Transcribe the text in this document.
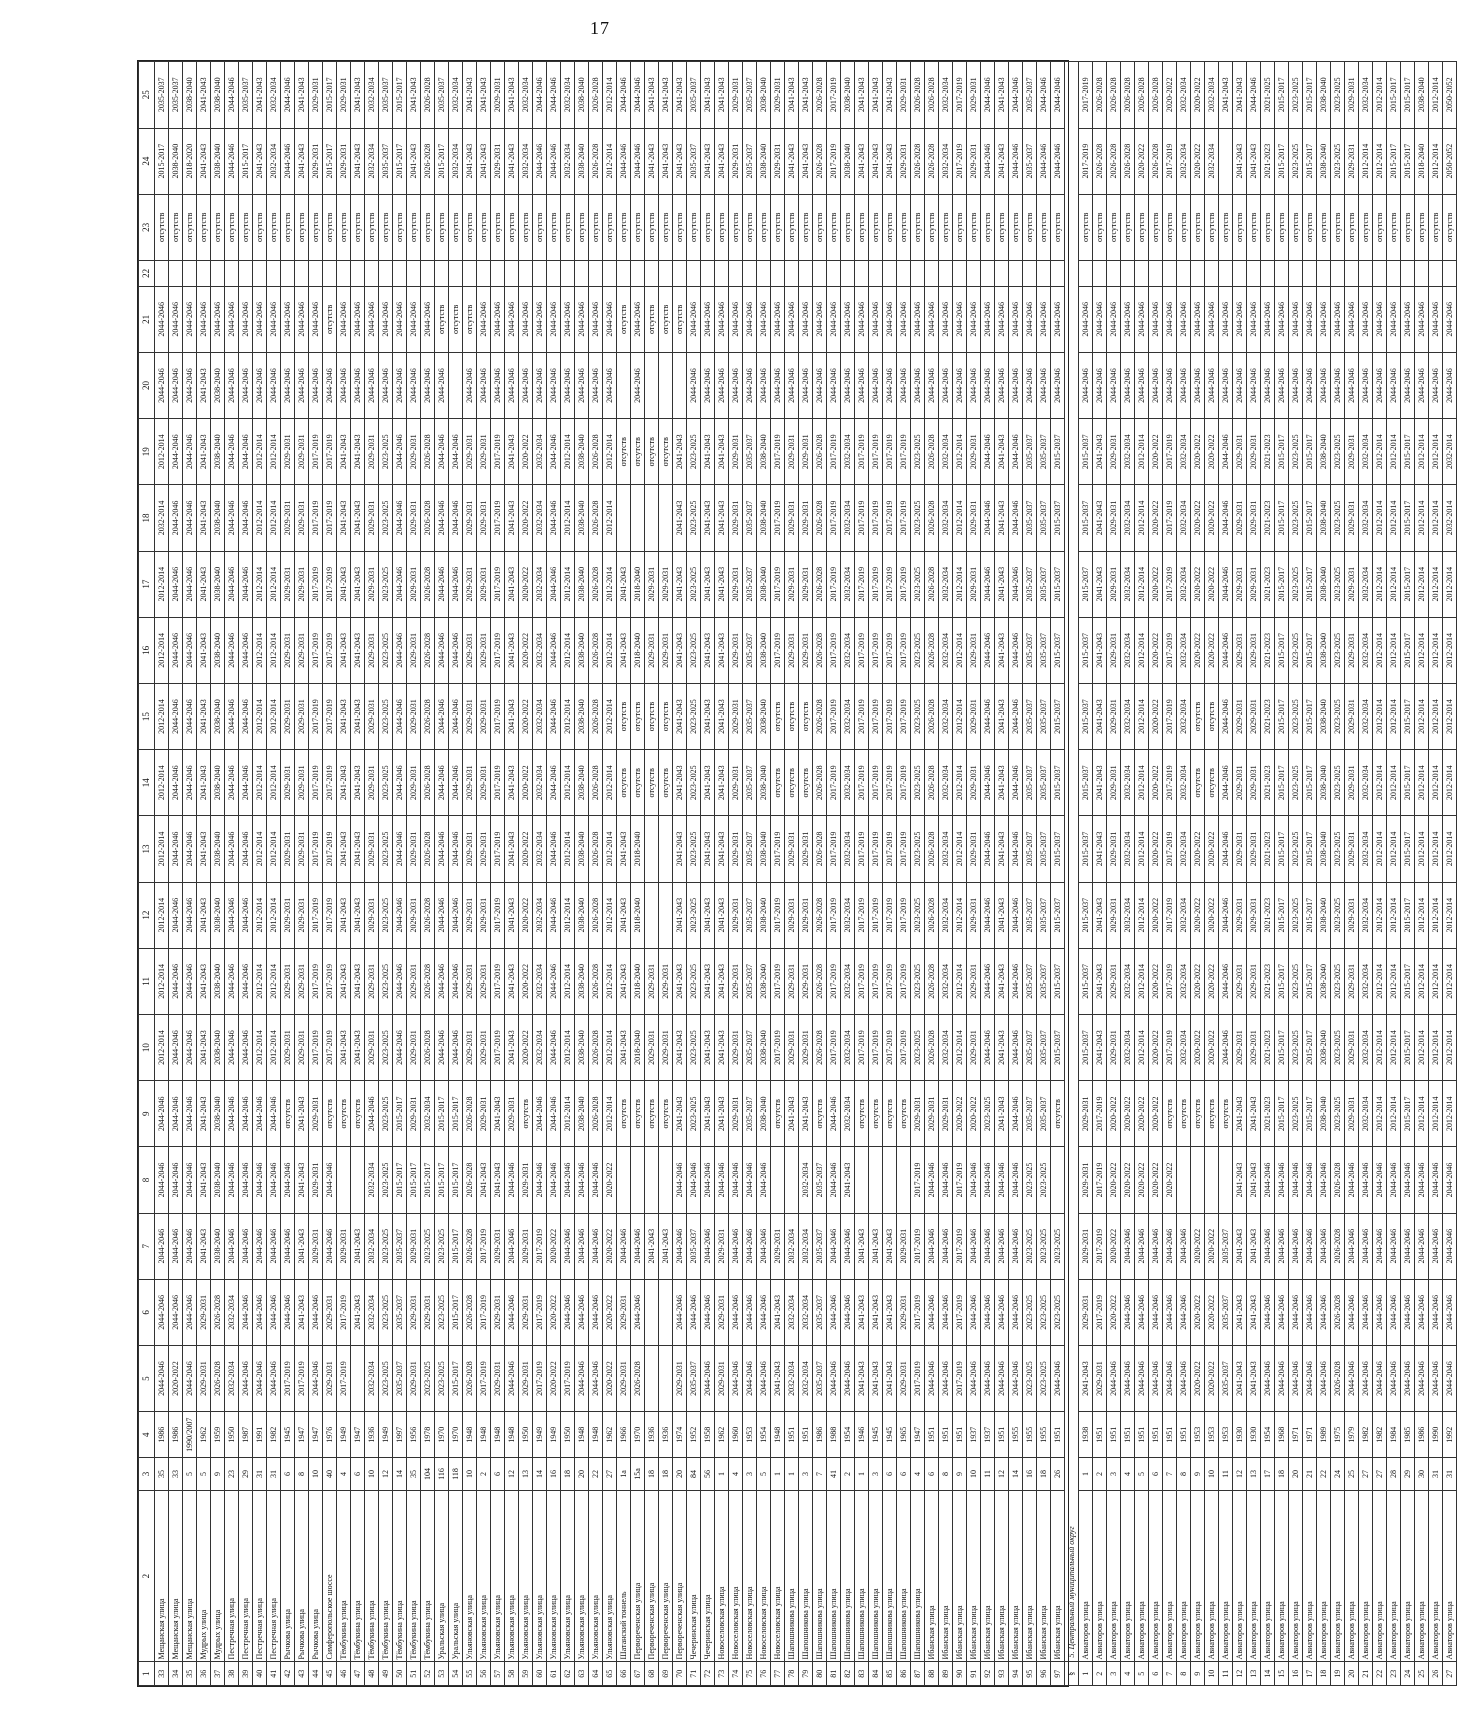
17
1	2	3	4	5	6	7	8	9	10	11	12	13	14	15	16	17	18	19	20	21	22	23	24	25
33	Мещанская улица	35	1986	2044-2046	2044-2046	2044-2046	2044-2046	2044-2046	2012-2014	2012-2014	2012-2014	2012-2014	2012-2014	2012-2014	2012-2014	2012-2014	2032-2014	2012-2014	2044-2046	2044-2046		отсутств	2015-2017	2035-2037
34	Мещанская улица	33	1986	2020-2022	2044-2046	2044-2046	2044-2046	2044-2046	2044-2046	2044-2046	2044-2046	2044-2046	2044-2046	2044-2046	2044-2046	2044-2046	2044-2046	2044-2046	2044-2046	2044-2046		отсутств	2038-2040	2035-2037
35	Мещанская улица	5	1990/2007	2044-2046	2044-2046	2044-2046	2044-2046	2044-2046	2044-2046	2044-2046	2044-2046	2044-2046	2044-2046	2044-2046	2044-2046	2044-2046	2044-2046	2044-2046	2044-2046	2044-2046		отсутств	2018-2020	2038-2040
36	Мудрых улица	5	1962	2029-2031	2029-2031	2041-2043	2041-2043	2041-2043	2041-2043	2041-2043	2041-2043	2041-2043	2041-2043	2041-2043	2041-2043	2041-2043	2041-2043	2041-2043	2041-2043	2044-2046		отсутств	2041-2043	2041-2043
37	Мудрых улица	9	1959	2026-2028	2026-2028	2038-2040	2038-2040	2038-2040	2038-2040	2038-2040	2038-2040	2038-2040	2038-2040	2038-2040	2038-2040	2038-2040	2038-2040	2038-2040	2038-2040	2044-2046		отсутств	2038-2040	2038-2040
38	Пестречная улица	23	1950	2032-2034	2032-2034	2044-2046	2044-2046	2044-2046	2044-2046	2044-2046	2044-2046	2044-2046	2044-2046	2044-2046	2044-2046	2044-2046	2044-2046	2044-2046	2044-2046	2044-2046		отсутств	2044-2046	2044-2046
39	Пестречная улица	29	1987	2044-2046	2044-2046	2044-2046	2044-2046	2044-2046	2044-2046	2044-2046	2044-2046	2044-2046	2044-2046	2044-2046	2044-2046	2044-2046	2044-2046	2044-2046	2044-2046	2044-2046		отсутств	2015-2017	2035-2037
40	Пестречная улица	31	1991	2044-2046	2044-2046	2044-2046	2044-2046	2044-2046	2012-2014	2012-2014	2012-2014	2012-2014	2012-2014	2012-2014	2012-2014	2012-2014	2012-2014	2012-2014	2044-2046	2044-2046		отсутств	2041-2043	2041-2043
41	Пестречная улица	31	1982	2044-2046	2044-2046	2044-2046	2044-2046	2044-2046	2012-2014	2012-2014	2012-2014	2012-2014	2012-2014	2012-2014	2012-2014	2012-2014	2012-2014	2012-2014	2044-2046	2044-2046		отсутств	2032-2034	2032-2034
42	Рычкова улица	6	1945	2017-2019	2044-2046	2044-2046	2044-2046	отсутств	2029-2031	2029-2031	2029-2031	2029-2031	2029-2031	2029-2031	2029-2031	2029-2031	2029-2031	2029-2031	2044-2046	2044-2046		отсутств	2044-2046	2044-2046
43	Рычкова улица	8	1947	2017-2019	2041-2043	2041-2043	2041-2043	2041-2043	2029-2031	2029-2031	2029-2031	2029-2031	2029-2031	2029-2031	2029-2031	2029-2031	2029-2031	2029-2031	2044-2046	2044-2046		отсутств	2041-2043	2041-2043
44	Рычкова улица	10	1947	2044-2046	2044-2046	2029-2031	2029-2031	2029-2031	2017-2019	2017-2019	2017-2019	2017-2019	2017-2019	2017-2019	2017-2019	2017-2019	2017-2019	2017-2019	2044-2046	2044-2046		отсутств	2029-2031	2029-2031
45	Симферопольское шоссе	40	1976	2029-2031	2029-2031	2044-2046	2044-2046	отсутств	2017-2019	2017-2019	2017-2019	2017-2019	2017-2019	2017-2019	2017-2019	2017-2019	2017-2019	2017-2019	2044-2046	отсутств		отсутств	2015-2017	2015-2017
46	Тёмбукина улица	4	1949	2017-2019	2017-2019	2029-2031		отсутств	2041-2043	2041-2043	2041-2043	2041-2043	2041-2043	2041-2043	2041-2043	2041-2043	2041-2043	2041-2043	2044-2046	2044-2046		отсутств	2029-2031	2029-2031
47	Тёмбукина улица	6	1947		2041-2043	2041-2043		отсутств	2041-2043	2041-2043	2041-2043	2041-2043	2041-2043	2041-2043	2041-2043	2041-2043	2041-2043	2041-2043	2044-2046	2044-2046		отсутств	2041-2043	2041-2043
48	Тёмбукина улица	10	1936	2032-2034	2032-2034	2032-2034	2032-2034	2044-2046	2029-2031	2029-2031	2029-2031	2029-2031	2029-2031	2029-2031	2029-2031	2029-2031	2029-2031	2029-2031	2044-2046	2044-2046		отсутств	2032-2034	2032-2034
49	Тёмбукина улица	12	1949	2023-2025	2023-2025	2023-2025	2023-2025	2023-2025	2023-2025	2023-2025	2023-2025	2023-2025	2023-2025	2023-2025	2023-2025	2023-2025	2023-2025	2023-2025	2044-2046	2044-2046		отсутств	2035-2037	2035-2037
50	Тёмбукина улица	14	1997	2035-2037	2035-2037	2035-2037	2015-2017	2015-2017	2044-2046	2044-2046	2044-2046	2044-2046	2044-2046	2044-2046	2044-2046	2044-2046	2044-2046	2044-2046	2044-2046	2044-2046		отсутств	2015-2017	2015-2017
51	Тёмбукина улица	35	1956	2029-2031	2029-2031	2029-2031	2015-2017	2029-2031	2029-2031	2029-2031	2029-2031	2029-2031	2029-2031	2029-2031	2029-2031	2029-2031	2029-2031	2029-2031	2044-2046	2044-2046		отсутств	2041-2043	2041-2043
52	Тёмбукина улица	104	1978	2023-2025	2029-2031	2023-2025	2015-2017	2032-2034	2026-2028	2026-2028	2026-2028	2026-2028	2026-2028	2026-2028	2026-2028	2026-2028	2026-2028	2026-2028	2044-2046	2044-2046		отсутств	2026-2028	2026-2028
53	Уральская улица	116	1970	2023-2025	2023-2025	2023-2025	2015-2017	2015-2017	2044-2046	2044-2046	2044-2046	2044-2046	2044-2046	2044-2046	2044-2046	2044-2046	2044-2046	2044-2046	2044-2046	отсутств		отсутств	2015-2017	2035-2037
54	Уральская улица	118	1970	2015-2017	2015-2017	2015-2017	2015-2017	2015-2017	2044-2046	2044-2046	2044-2046	2044-2046	2044-2046	2044-2046	2044-2046	2044-2046	2044-2046	2044-2046		отсутств		отсутств	2032-2034	2032-2034
55	Ульяновская улица	10	1948	2026-2028	2026-2028	2026-2028	2026-2028	2026-2028	2029-2031	2029-2031	2029-2031	2029-2031	2029-2031	2029-2031	2029-2031	2029-2031	2029-2031	2029-2031	2044-2046	отсутств		отсутств	2041-2043	2041-2043
56	Ульяновская улица	2	1948	2017-2019	2017-2019	2017-2019	2041-2043	2029-2031	2029-2031	2029-2031	2029-2031	2029-2031	2029-2031	2029-2031	2029-2031	2029-2031	2029-2031	2029-2031	2044-2046	2044-2046		отсутств	2041-2043	2041-2043
57	Ульяновская улица	6	1948	2029-2031	2029-2031	2029-2031	2041-2043	2041-2043	2017-2019	2017-2019	2017-2019	2017-2019	2017-2019	2017-2019	2017-2019	2017-2019	2017-2019	2017-2019	2044-2046	2044-2046		отсутств	2029-2031	2029-2031
58	Ульяновская улица	12	1948	2044-2046	2044-2046	2044-2046	2044-2046	2029-2031	2041-2043	2041-2043	2041-2043	2041-2043	2041-2043	2041-2043	2041-2043	2041-2043	2041-2043	2041-2043	2044-2046	2044-2046		отсутств	2041-2043	2041-2043
59	Ульяновская улица	13	1950	2029-2031	2029-2031	2029-2031	2029-2031	отсутств	2020-2022	2020-2022	2020-2022	2020-2022	2020-2022	2020-2022	2020-2022	2020-2022	2020-2022	2020-2022	2044-2046	2044-2046		отсутств	2032-2034	2032-2034
60	Ульяновская улица	14	1949	2017-2019	2017-2019	2017-2019	2044-2046	2044-2046	2032-2034	2032-2034	2032-2034	2032-2034	2032-2034	2032-2034	2032-2034	2032-2034	2032-2034	2032-2034	2044-2046	2044-2046		отсутств	2044-2046	2044-2046
61	Ульяновская улица	16	1949	2020-2022	2020-2022	2020-2022	2044-2046	2044-2046	2044-2046	2044-2046	2044-2046	2044-2046	2044-2046	2044-2046	2044-2046	2044-2046	2044-2046	2044-2046	2044-2046	2044-2046		отсутств	2044-2046	2044-2046
62	Ульяновская улица	18	1950	2017-2019	2044-2046	2044-2046	2044-2046	2012-2014	2012-2014	2012-2014	2012-2014	2012-2014	2012-2014	2012-2014	2012-2014	2012-2014	2012-2014	2012-2014	2044-2046	2044-2046		отсутств	2032-2034	2032-2034
63	Ульяновская улица	20	1948	2044-2046	2044-2046	2044-2046	2044-2046	2038-2040	2038-2040	2038-2040	2038-2040	2038-2040	2038-2040	2038-2040	2038-2040	2038-2040	2038-2040	2038-2040	2044-2046	2044-2046		отсутств	2038-2040	2038-2040
64	Ульяновская улица	22	1948	2044-2046	2044-2046	2044-2046	2044-2046	2026-2028	2026-2028	2026-2028	2026-2028	2026-2028	2026-2028	2026-2028	2026-2028	2026-2028	2026-2028	2026-2028	2044-2046	2044-2046		отсутств	2026-2028	2026-2028
65	Ульяновская улица	27	1962	2020-2022	2020-2022	2020-2022	2020-2022	2012-2014	2012-2014	2012-2014	2012-2014	2012-2014	2012-2014	2012-2014	2012-2014	2012-2014	2012-2014	2012-2014	2044-2046	2044-2046		отсутств	2012-2014	2012-2014
66	Шатанский тоннель	1а	1966	2029-2031	2029-2031	2044-2046		отсутств	2041-2043	2041-2043	2041-2043	2041-2043	отсутств	отсутств	2041-2043	2041-2043		отсутств		отсутств		отсутств	2044-2046	2044-2046
67	Первореченская улица	15а	1970	2026-2028	2044-2046	2044-2046		отсутств	2018-2040	2018-2040	2018-2040	2018-2040	отсутств	отсутств	2018-2040	2018-2040		отсутств	2044-2046	2044-2046		отсутств	2044-2046	2044-2046
68	Первореченская улица	18	1936			2041-2043		отсутств	2029-2031	2029-2031			отсутств	отсутств	2029-2031	2029-2031		отсутств		отсутств		отсутств	2041-2043	2041-2043
69	Первореченская улица	18	1936			2041-2043		отсутств	2029-2031	2029-2031			отсутств	отсутств	2029-2031	2029-2031		отсутств		отсутств		отсутств	2041-2043	2041-2043
70	Первореченская улица	20	1974	2029-2031	2044-2046	2044-2046	2044-2046	2041-2043	2041-2043	2041-2043	2041-2043	2041-2043	2041-2043	2041-2043	2041-2043	2041-2043	2041-2043	2041-2043		отсутств		отсутств	2041-2043	2041-2043
71	Чечеринская улица	84	1952	2035-2037	2044-2046	2035-2037	2044-2046	2023-2025	2023-2025	2023-2025	2023-2025	2023-2025	2023-2025	2023-2025	2023-2025	2023-2025	2023-2025	2023-2025	2044-2046	2044-2046		отсутств	2035-2037	2035-2037
72	Чечеринская улица	56	1958	2044-2046	2044-2046	2044-2046	2044-2046	2041-2043	2041-2043	2041-2043	2041-2043	2041-2043	2041-2043	2041-2043	2041-2043	2041-2043	2041-2043	2041-2043	2044-2046	2044-2046		отсутств	2041-2043	2041-2043
73	Новоселовская улица	1	1962	2029-2031	2029-2031	2029-2031	2044-2046	2041-2043	2041-2043	2041-2043	2041-2043	2041-2043	2041-2043	2041-2043	2041-2043	2041-2043	2041-2043	2041-2043	2044-2046	2044-2046		отсутств	2041-2043	2041-2043
74	Новоселовская улица	4	1960	2044-2046	2044-2046	2044-2046	2044-2046	2029-2031	2029-2031	2029-2031	2029-2031	2029-2031	2029-2031	2029-2031	2029-2031	2029-2031	2029-2031	2029-2031	2044-2046	2044-2046		отсутств	2029-2031	2029-2031
75	Новоселовская улица	3	1953	2044-2046	2044-2046	2044-2046	2044-2046	2035-2037	2035-2037	2035-2037	2035-2037	2035-2037	2035-2037	2035-2037	2035-2037	2035-2037	2035-2037	2035-2037	2044-2046	2044-2046		отсутств	2035-2037	2035-2037
76	Новоселовская улица	5	1954	2044-2046	2044-2046	2044-2046	2044-2046	2038-2040	2038-2040	2038-2040	2038-2040	2038-2040	2038-2040	2038-2040	2038-2040	2038-2040	2038-2040	2038-2040	2044-2046	2044-2046		отсутств	2038-2040	2038-2040
77	Новоселовская улица	1	1948	2041-2043	2041-2043	2029-2031		отсутств	2017-2019	2017-2019	2017-2019	2017-2019	отсутств	отсутств	2017-2019	2017-2019	2017-2019	2017-2019	2044-2046	2044-2046		отсутств	2029-2031	2029-2031
78	Шапошникова улица	1	1951	2032-2034	2032-2034	2032-2034		2041-2043	2029-2031	2029-2031	2029-2031	2029-2031	отсутств	отсутств	2029-2031	2029-2031	2029-2031	2029-2031	2044-2046	2044-2046		отсутств	2041-2043	2041-2043
79	Шапошникова улица	3	1951	2032-2034	2032-2034	2032-2034	2032-2034	2041-2043	2029-2031	2029-2031	2029-2031	2029-2031	отсутств	отсутств	2029-2031	2029-2031	2029-2031	2029-2031	2044-2046	2044-2046		отсутств	2041-2043	2041-2043
80	Шапошникова улица	7	1986	2035-2037	2035-2037	2035-2037	2035-2037	отсутств	2026-2028	2026-2028	2026-2028	2026-2028	2026-2028	2026-2028	2026-2028	2026-2028	2026-2028	2026-2028	2044-2046	2044-2046		отсутств	2026-2028	2026-2028
81	Шапошникова улица	41	1988	2044-2046	2044-2046	2044-2046	2044-2046	2044-2046	2017-2019	2017-2019	2017-2019	2017-2019	2017-2019	2017-2019	2017-2019	2017-2019	2017-2019	2017-2019	2044-2046	2044-2046		отсутств	2017-2019	2017-2019
82	Шапошникова улица	2	1954	2044-2046	2044-2046	2044-2046	2041-2043	2032-2034	2032-2034	2032-2034	2032-2034	2032-2034	2032-2034	2032-2034	2032-2034	2032-2034	2032-2034	2032-2034	2044-2046	2044-2046		отсутств	2038-2040	2038-2040
83	Шапошникова улица	1	1946	2041-2043	2041-2043	2041-2043		отсутств	2017-2019	2017-2019	2017-2019	2017-2019	2017-2019	2017-2019	2017-2019	2017-2019	2017-2019	2017-2019	2044-2046	2044-2046		отсутств	2041-2043	2041-2043
84	Шапошникова улица	3	1945	2041-2043	2041-2043	2041-2043		отсутств	2017-2019	2017-2019	2017-2019	2017-2019	2017-2019	2017-2019	2017-2019	2017-2019	2017-2019	2017-2019	2044-2046	2044-2046		отсутств	2041-2043	2041-2043
85	Шапошникова улица	6	1945	2041-2043	2041-2043	2041-2043		отсутств	2017-2019	2017-2019	2017-2019	2017-2019	2017-2019	2017-2019	2017-2019	2017-2019	2017-2019	2017-2019	2044-2046	2044-2046		отсутств	2041-2043	2041-2043
86	Шапошникова улица	6	1965	2029-2031	2029-2031	2029-2031		отсутств	2017-2019	2017-2019	2017-2019	2017-2019	2017-2019	2017-2019	2017-2019	2017-2019	2017-2019	2017-2019	2044-2046	2044-2046		отсутств	2029-2031	2029-2031
87	Шапошникова улица	4	1947	2017-2019	2017-2019	2017-2019	2017-2019	2029-2031	2023-2025	2023-2025	2023-2025	2023-2025	2023-2025	2023-2025	2023-2025	2023-2025	2023-2025	2023-2025	2044-2046	2044-2046		отсутств	2026-2028	2026-2028
88	Ибанская улица	6	1951	2044-2046	2044-2046	2044-2046	2044-2046	2029-2031	2026-2028	2026-2028	2026-2028	2026-2028	2026-2028	2026-2028	2026-2028	2026-2028	2026-2028	2026-2028	2044-2046	2044-2046		отсутств	2026-2028	2026-2028
89	Ибанская улица	8	1951	2044-2046	2044-2046	2044-2046	2044-2046	2029-2031	2032-2034	2032-2034	2032-2034	2032-2034	2032-2034	2032-2034	2032-2034	2032-2034	2032-2034	2032-2034	2044-2046	2044-2046		отсутств	2032-2034	2032-2034
90	Ибанская улица	9	1951	2017-2019	2017-2019	2017-2019	2017-2019	2020-2022	2012-2014	2012-2014	2012-2014	2012-2014	2012-2014	2012-2014	2012-2014	2012-2014	2012-2014	2012-2014	2044-2046	2044-2046		отсутств	2017-2019	2017-2019
91	Ибанская улица	10	1937	2044-2046	2044-2046	2044-2046	2044-2046	2020-2022	2029-2031	2029-2031	2029-2031	2029-2031	2029-2031	2029-2031	2029-2031	2029-2031	2029-2031	2029-2031	2044-2046	2044-2046		отсутств	2029-2031	2029-2031
92	Ибанская улица	11	1937	2044-2046	2044-2046	2044-2046	2044-2046	2023-2025	2044-2046	2044-2046	2044-2046	2044-2046	2044-2046	2044-2046	2044-2046	2044-2046	2044-2046	2044-2046	2044-2046	2044-2046		отсутств	2044-2046	2044-2046
93	Ибанская улица	12	1951	2044-2046	2044-2046	2044-2046	2044-2046	2041-2043	2041-2043	2041-2043	2041-2043	2041-2043	2041-2043	2041-2043	2041-2043	2041-2043	2041-2043	2041-2043	2044-2046	2044-2046		отсутств	2041-2043	2041-2043
94	Ибанская улица	14	1955	2044-2046	2044-2046	2044-2046	2044-2046	2044-2046	2044-2046	2044-2046	2044-2046	2044-2046	2044-2046	2044-2046	2044-2046	2044-2046	2044-2046	2044-2046	2044-2046	2044-2046		отсутств	2044-2046	2044-2046
95	Ибанская улица	16	1955	2023-2025	2023-2025	2023-2025	2023-2025	2035-2037	2035-2037	2035-2037	2035-2037	2035-2037	2035-2037	2035-2037	2035-2037	2035-2037	2035-2037	2035-2037	2044-2046	2044-2046		отсутств	2035-2037	2035-2037
96	Ибанская улица	18	1955	2023-2025	2023-2025	2023-2025	2023-2025	2035-2037	2035-2037	2035-2037	2035-2037	2035-2037	2035-2037	2035-2037	2035-2037	2035-2037	2035-2037	2035-2037	2044-2046	2044-2046		отсутств	2044-2046	2044-2046
97	Ибанская улица	26	1951	2044-2046	2023-2025	2023-2025		отсутств	2015-2037	2015-2037	2015-2037	2015-2037	2015-2037	2015-2037	2015-2037	2015-2037	2015-2037	2015-2037	2044-2046	2044-2046		отсутств	2044-2046	2044-2046
§	5. Центральный муниципальный округ																							
1	Авиаторов улица	1	1938	2041-2043	2029-2031	2029-2031	2029-2031	2029-2031	2015-2037	2015-2037	2015-2037	2015-2037	2015-2037	2015-2037	2015-2037	2015-2037	2015-2037	2015-2037	2044-2046	2044-2046		отсутств	2017-2019	2017-2019
2	Авиаторов улица	2	1951	2029-2031	2017-2019	2017-2019	2017-2019	2017-2019	2041-2043	2041-2043	2041-2043	2041-2043	2041-2043	2041-2043	2041-2043	2041-2043	2041-2043	2041-2043	2044-2046	2044-2046		отсутств	2026-2028	2026-2028
3	Авиаторов улица	3	1951	2044-2046	2020-2022	2020-2022	2020-2022	2020-2022	2029-2031	2029-2031	2029-2031	2029-2031	2029-2031	2029-2031	2029-2031	2029-2031	2029-2031	2029-2031	2044-2046	2044-2046		отсутств	2026-2028	2026-2028
4	Авиаторов улица	4	1951	2044-2046	2044-2046	2044-2046	2020-2022	2020-2022	2032-2034	2032-2034	2032-2034	2032-2034	2032-2034	2032-2034	2032-2034	2032-2034	2032-2034	2032-2034	2044-2046	2044-2046		отсутств	2026-2028	2026-2028
5	Авиаторов улица	5	1951	2044-2046	2044-2046	2044-2046	2020-2022	2020-2022	2012-2014	2012-2014	2012-2014	2012-2014	2012-2014	2012-2014	2012-2014	2012-2014	2012-2014	2012-2014	2044-2046	2044-2046		отсутств	2020-2022	2026-2028
6	Авиаторов улица	6	1951	2044-2046	2044-2046	2044-2046	2020-2022	2020-2022	2020-2022	2020-2022	2020-2022	2020-2022	2020-2022	2020-2022	2020-2022	2020-2022	2020-2022	2020-2022	2044-2046	2044-2046		отсутств	2026-2028	2026-2028
7	Авиаторов улица	7	1951	2044-2046	2044-2046	2044-2046	2020-2022	отсутств	2017-2019	2017-2019	2017-2019	2017-2019	2017-2019	2017-2019	2017-2019	2017-2019	2017-2019	2017-2019	2044-2046	2044-2046		отсутств	2017-2019	2020-2022
8	Авиаторов улица	8	1951	2044-2046	2044-2046	2044-2046		отсутств	2032-2034	2032-2034	2032-2034	2032-2034	2032-2034	2032-2034	2032-2034	2032-2034	2032-2034	2032-2034	2044-2046	2044-2046		отсутств	2032-2034	2032-2034
9	Авиаторов улица	9	1953	2020-2022	2020-2022	2020-2022		отсутств	2020-2022	2020-2022	2020-2022	2020-2022	отсутств	отсутств	2020-2022	2020-2022	2020-2022	2020-2022	2044-2046	2044-2046		отсутств	2020-2022	2020-2022
10	Авиаторов улица	10	1953	2020-2022	2020-2022	2020-2022		отсутств	2020-2022	2020-2022	2020-2022	2020-2022	отсутств	отсутств	2020-2022	2020-2022	2020-2022	2020-2022	2044-2046	2044-2046		отсутств	2032-2034	2032-2034
11	Авиаторов улица	11	1953	2035-2037	2035-2037	2035-2037		отсутств	2044-2046	2044-2046	2044-2046	2044-2046	2044-2046	2044-2046	2044-2046	2044-2046	2044-2046	2044-2046	2044-2046	2044-2046		отсутств		2041-2043
12	Авиаторов улица	12	1930	2041-2043	2041-2043	2041-2043	2041-2043	2041-2043	2029-2031	2029-2031	2029-2031	2029-2031	2029-2031	2029-2031	2029-2031	2029-2031	2029-2031	2029-2031	2044-2046	2044-2046		отсутств	2041-2043	2041-2043
13	Авиаторов улица	13	1930	2041-2043	2041-2043	2041-2043	2041-2043	2041-2043	2029-2031	2029-2031	2029-2031	2029-2031	2029-2031	2029-2031	2029-2031	2029-2031	2029-2031	2029-2031	2044-2046	2044-2046		отсутств	2041-2043	2044-2046
14	Авиаторов улица	17	1954	2044-2046	2044-2046	2044-2046	2044-2046	2021-2023	2021-2023	2021-2023	2021-2023	2021-2023	2021-2023	2021-2023	2021-2023	2021-2023	2021-2023	2021-2023	2044-2046	2044-2046		отсутств	2021-2023	2021-2025
15	Авиаторов улица	18	1968	2044-2046	2044-2046	2044-2046	2044-2046	2015-2017	2015-2017	2015-2017	2015-2017	2015-2017	2015-2017	2015-2017	2015-2017	2015-2017	2015-2017	2015-2017	2044-2046	2044-2046		отсутств	2015-2017	2015-2017
16	Авиаторов улица	20	1971	2044-2046	2044-2046	2044-2046	2044-2046	2023-2025	2023-2025	2023-2025	2023-2025	2023-2025	2023-2025	2023-2025	2023-2025	2023-2025	2023-2025	2023-2025	2044-2046	2044-2046		отсутств	2023-2025	2023-2025
17	Авиаторов улица	21	1971	2044-2046	2044-2046	2044-2046	2044-2046	2015-2017	2015-2017	2015-2017	2015-2017	2015-2017	2015-2017	2015-2017	2015-2017	2015-2017	2015-2017	2015-2017	2044-2046	2044-2046		отсутств	2015-2017	2015-2017
18	Авиаторов улица	22	1989	2044-2046	2044-2046	2044-2046	2044-2046	2038-2040	2038-2040	2038-2040	2038-2040	2038-2040	2038-2040	2038-2040	2038-2040	2038-2040	2038-2040	2038-2040	2044-2046	2044-2046		отсутств	2038-2040	2038-2040
19	Авиаторов улица	24	1975	2026-2028	2026-2028	2026-2028	2026-2028	2023-2025	2023-2025	2023-2025	2023-2025	2023-2025	2023-2025	2023-2025	2023-2025	2023-2025	2023-2025	2023-2025	2044-2046	2044-2046		отсутств	2023-2025	2023-2025
20	Авиаторов улица	25	1979	2044-2046	2044-2046	2044-2046	2044-2046	2029-2031	2029-2031	2029-2031	2029-2031	2029-2031	2029-2031	2029-2031	2029-2031	2029-2031	2029-2031	2029-2031	2044-2046	2044-2046		отсутств	2029-2031	2029-2031
21	Авиаторов улица	27	1982	2044-2046	2044-2046	2044-2046	2044-2046	2032-2034	2032-2034	2032-2034	2032-2034	2032-2034	2032-2034	2032-2034	2032-2034	2032-2034	2032-2034	2032-2034	2044-2046	2044-2046		отсутств	2012-2014	2032-2034
22	Авиаторов улица	27	1982	2044-2046	2044-2046	2044-2046	2044-2046	2012-2014	2012-2014	2012-2014	2012-2014	2012-2014	2012-2014	2012-2014	2012-2014	2012-2014	2012-2014	2012-2014	2044-2046	2044-2046		отсутств	2012-2014	2012-2014
23	Авиаторов улица	28	1984	2044-2046	2044-2046	2044-2046	2044-2046	2012-2014	2012-2014	2012-2014	2012-2014	2012-2014	2012-2014	2012-2014	2012-2014	2012-2014	2012-2014	2012-2014	2044-2046	2044-2046		отсутств	2015-2017	2015-2017
24	Авиаторов улица	29	1985	2044-2046	2044-2046	2044-2046	2044-2046	2015-2017	2015-2017	2015-2017	2015-2017	2015-2017	2015-2017	2015-2017	2015-2017	2015-2017	2015-2017	2015-2017	2044-2046	2044-2046		отсутств	2015-2017	2015-2017
25	Авиаторов улица	30	1986	2044-2046	2044-2046	2044-2046	2044-2046	2012-2014	2012-2014	2012-2014	2012-2014	2012-2014	2012-2014	2012-2014	2012-2014	2012-2014	2012-2014	2012-2014	2044-2046	2044-2046		отсутств	2018-2040	2038-2040
26	Авиаторов улица	31	1990	2044-2046	2044-2046	2044-2046	2044-2046	2012-2014	2012-2014	2012-2014	2012-2014	2012-2014	2012-2014	2012-2014	2012-2014	2012-2014	2012-2014	2012-2014	2044-2046	2044-2046		отсутств	2012-2014	2012-2014
27	Авиаторов улица	31	1992	2044-2046	2044-2046	2044-2046	2044-2046	2012-2014	2012-2014	2012-2014	2012-2014	2012-2014	2012-2014	2012-2014	2012-2014	2012-2014	2032-2014	2032-2014	2044-2046	2044-2046		отсутств	2050-2052	2050-2052
